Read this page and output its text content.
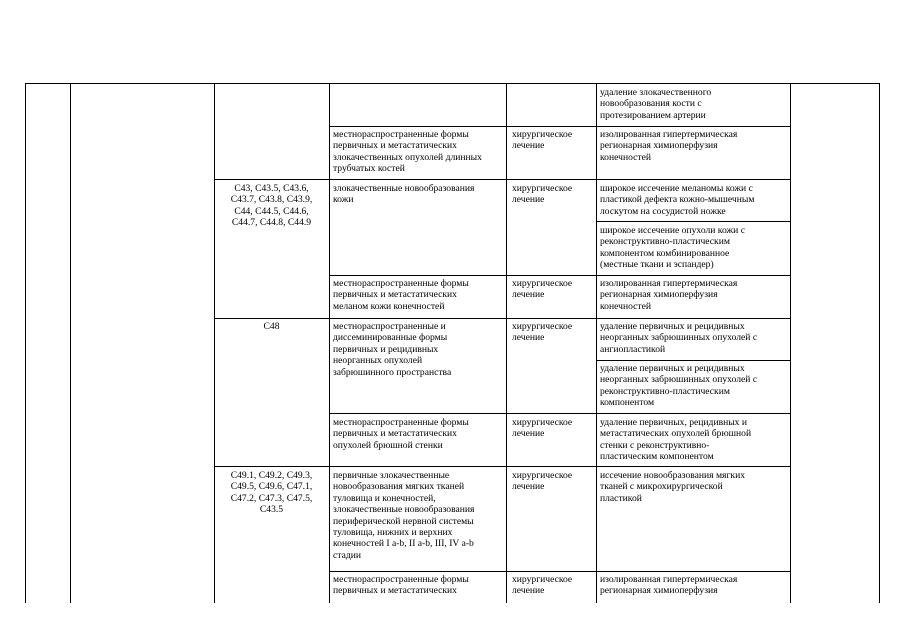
удаление злокачественного
новообразования кости с
протезированием артерии

местнораспространенные формы
первичных и метастатических
злокачественных опухолей длинных
трубчатых костей

хирургическое
лечение

изолированная гипертермическая
регионарная химиоперфузия
конечностей

C43, C43.5, C43.6,
C43.7, C43.8, C43.9,
C44, C44.5, C44.6,
C44.7, C44.8, C44.9

злокачественные новообразования
кожи

хирургическое
лечение

широкое иссечение меланомы кожи с
пластикой дефекта кожно-мышечным
лоскутом на сосудистой ножке

широкое иссечение опухоли кожи с
реконструктивно-пластическим
компонентом комбинированное
(местные ткани и эспандер)

местнораспространенные формы
первичных и метастатических
меланом кожи конечностей

хирургическое
лечение

изолированная гипертермическая
регионарная химиоперфузия
конечностей

C48	местнораспространенные и
диссеминированные формы
первичных и рецидивных
неорганных опухолей
забрюшинного пространства

хирургическое
лечение

удаление первичных и рецидивных
неорганных забрюшинных опухолей с
ангиопластикой

удаление первичных и рецидивных
неорганных забрюшинных опухолей с
реконструктивно-пластическим
компонентом

местнораспространенные формы
первичных и метастатических
опухолей брюшной стенки

хирургическое
лечение

удаление первичных, рецидивных и
метастатических опухолей брюшной
стенки с реконструктивно-
пластическим компонентом

C49.1, C49.2, C49.3,
C49.5, C49.6, C47.1,
C47.2, C47.3, C47.5,
C43.5

первичные злокачественные
новообразования мягких тканей
туловища и конечностей,
злокачественные новообразования
периферической нервной системы
туловища, нижних и верхних
конечностей I a-b, II a-b, III, IV a-b
стадии

хирургическое
лечение

иссечение новообразования мягких
тканей с микрохирургической
пластикой

местнораспространенные формы
первичных и метастатических

хирургическое
лечение

изолированная гипертермическая
регионарная химиоперфузия
